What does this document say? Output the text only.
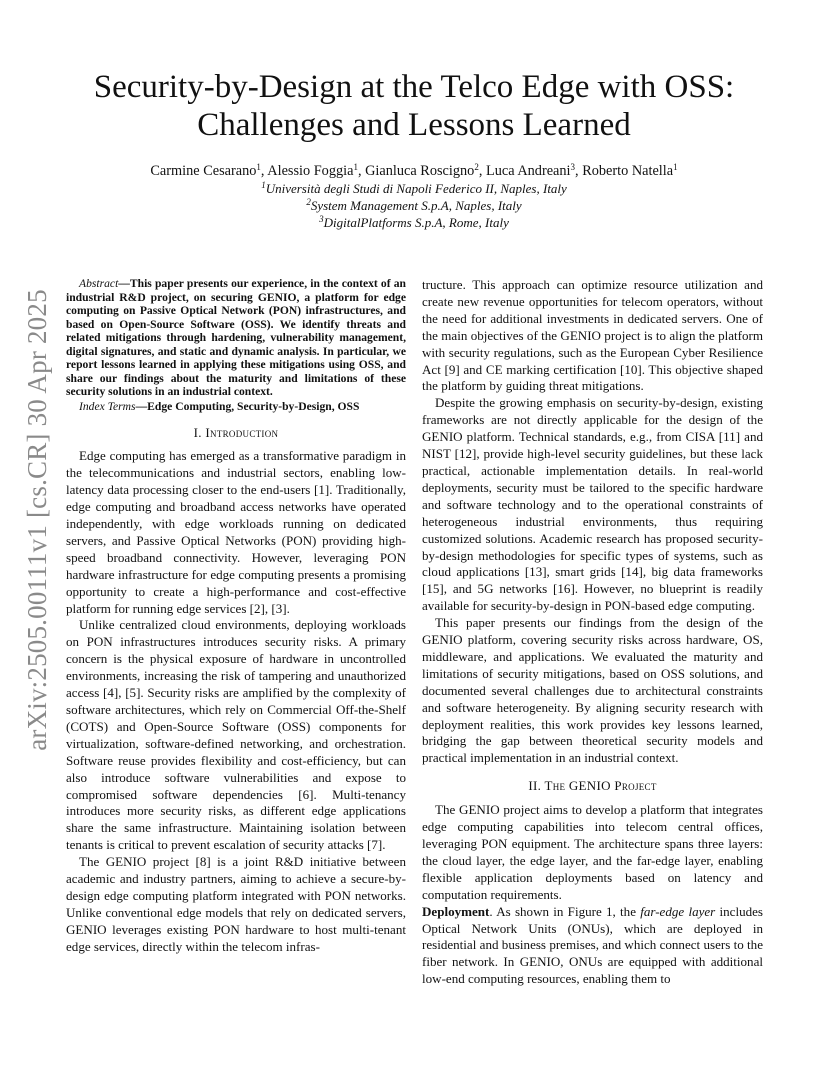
arXiv:2505.00111v1 [cs.CR] 30 Apr 2025
Security-by-Design at the Telco Edge with OSS:
Challenges and Lessons Learned
Carmine Cesarano$^1$, Alessio Foggia$^1$, Gianluca Roscigno$^2$, Luca Andreani$^3$, Roberto Natella$^1$
$^1$Università degli Studi di Napoli Federico II, Naples, Italy
$^2$System Management S.p.A, Naples, Italy
$^3$DigitalPlatforms S.p.A, Rome, Italy

Abstract—This paper presents our experience, in the context of an industrial R&D project, on securing GENIO, a platform for edge computing on Passive Optical Network (PON) infrastructures, and based on Open-Source Software (OSS). We identify threats and related mitigations through hardening, vulnerability management, digital signatures, and static and dynamic analysis. In particular, we report lessons learned in applying these mitigations using OSS, and share our findings about the maturity and limitations of these security solutions in an industrial context.

Index Terms—Edge Computing, Security-by-Design, OSS

I. Introduction

Edge computing has emerged as a transformative paradigm in the telecommunications and industrial sectors, enabling low-latency data processing closer to the end-users [1]. Traditionally, edge computing and broadband access networks have operated independently, with edge workloads running on dedicated servers, and Passive Optical Networks (PON) providing high-speed broadband connectivity. However, leveraging PON hardware infrastructure for edge computing presents a promising opportunity to create a high-performance and cost-effective platform for running edge services [2], [3].

Unlike centralized cloud environments, deploying workloads on PON infrastructures introduces security risks. A primary concern is the physical exposure of hardware in uncontrolled environments, increasing the risk of tampering and unauthorized access [4], [5]. Security risks are amplified by the complexity of software architectures, which rely on Commercial Off-the-Shelf (COTS) and Open-Source Software (OSS) components for virtualization, software-defined networking, and orchestration. Software reuse provides flexibility and cost-efficiency, but can also introduce software vulnerabilities and expose to compromised software dependencies [6]. Multi-tenancy introduces more security risks, as different edge applications share the same infrastructure. Maintaining isolation between tenants is critical to prevent escalation of security attacks [7].

The GENIO project [8] is a joint R&D initiative between academic and industry partners, aiming to achieve a secure-by-design edge computing platform integrated with PON networks. Unlike conventional edge models that rely on dedicated servers, GENIO leverages existing PON hardware to host multi-tenant edge services, directly within the telecom infras-

tructure. This approach can optimize resource utilization and create new revenue opportunities for telecom operators, without the need for additional investments in dedicated servers. One of the main objectives of the GENIO project is to align the platform with security regulations, such as the European Cyber Resilience Act [9] and CE marking certification [10]. This objective shaped the platform by guiding threat mitigations.

Despite the growing emphasis on security-by-design, existing frameworks are not directly applicable for the design of the GENIO platform. Technical standards, e.g., from CISA [11] and NIST [12], provide high-level security guidelines, but these lack practical, actionable implementation details. In real-world deployments, security must be tailored to the specific hardware and software technology and to the operational constraints of heterogeneous industrial environments, thus requiring customized solutions. Academic research has proposed security-by-design methodologies for specific types of systems, such as cloud applications [13], smart grids [14], big data frameworks [15], and 5G networks [16]. However, no blueprint is readily available for security-by-design in PON-based edge computing.

This paper presents our findings from the design of the GENIO platform, covering security risks across hardware, OS, middleware, and applications. We evaluated the maturity and limitations of security mitigations, based on OSS solutions, and documented several challenges due to architectural constraints and software heterogeneity. By aligning security research with deployment realities, this work provides key lessons learned, bridging the gap between theoretical security models and practical implementation in an industrial context.

II. The GENIO Project

The GENIO project aims to develop a platform that integrates edge computing capabilities into telecom central offices, leveraging PON equipment. The architecture spans three layers: the cloud layer, the edge layer, and the far-edge layer, enabling flexible application deployments based on latency and computation requirements.

Deployment. As shown in Figure 1, the far-edge layer includes Optical Network Units (ONUs), which are deployed in residential and business premises, and which connect users to the fiber network. In GENIO, ONUs are equipped with additional low-end computing resources, enabling them to
